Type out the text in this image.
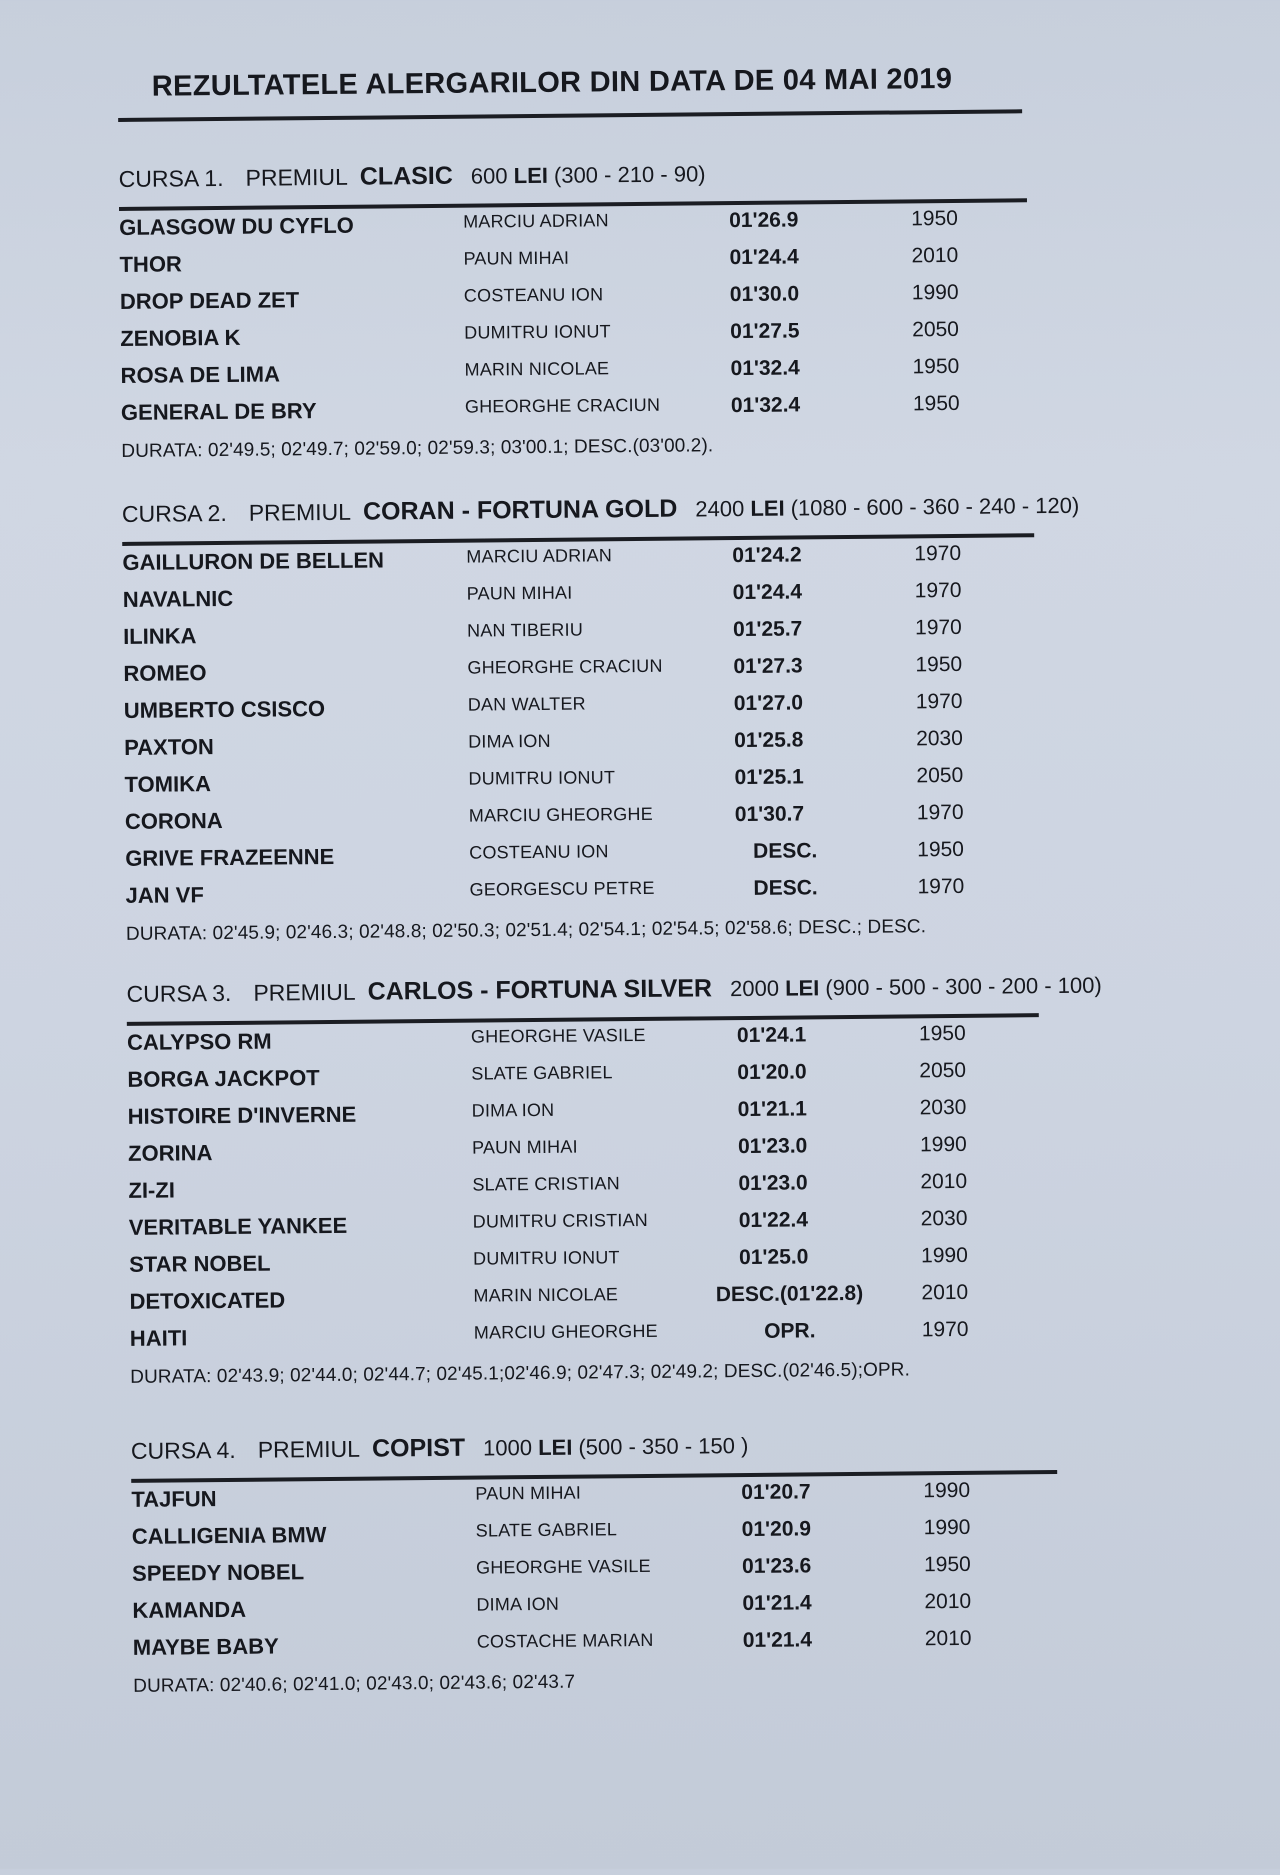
REZULTATELE ALERGARILOR DIN DATA DE 04 MAI 2019
CURSA 1. PREMIUL CLASIC 600 LEI (300 - 210 - 90)
GLASGOW DU CYFLO	MARCIU ADRIAN	01'26.9	1950
THOR	PAUN MIHAI	01'24.4	2010
DROP DEAD ZET	COSTEANU ION	01'30.0	1990
ZENOBIA K	DUMITRU IONUT	01'27.5	2050
ROSA DE LIMA	MARIN NICOLAE	01'32.4	1950
GENERAL DE BRY	GHEORGHE CRACIUN	01'32.4	1950
DURATA: 02'49.5; 02'49.7; 02'59.0; 02'59.3; 03'00.1; DESC.(03'00.2).
CURSA 2. PREMIUL CORAN - FORTUNA GOLD 2400 LEI (1080 - 600 - 360 - 240 - 120)
GAILLURON DE BELLEN	MARCIU ADRIAN	01'24.2	1970
NAVALNIC	PAUN MIHAI	01'24.4	1970
ILINKA	NAN TIBERIU	01'25.7	1970
ROMEO	GHEORGHE CRACIUN	01'27.3	1950
UMBERTO CSISCO	DAN WALTER	01'27.0	1970
PAXTON	DIMA ION	01'25.8	2030
TOMIKA	DUMITRU IONUT	01'25.1	2050
CORONA	MARCIU GHEORGHE	01'30.7	1970
GRIVE FRAZEENNE	COSTEANU ION	DESC.	1950
JAN VF	GEORGESCU PETRE	DESC.	1970
DURATA: 02'45.9; 02'46.3; 02'48.8; 02'50.3; 02'51.4; 02'54.1; 02'54.5; 02'58.6; DESC.; DESC.
CURSA 3. PREMIUL CARLOS - FORTUNA SILVER 2000 LEI (900 - 500 - 300 - 200 - 100)
CALYPSO RM	GHEORGHE VASILE	01'24.1	1950
BORGA JACKPOT	SLATE GABRIEL	01'20.0	2050
HISTOIRE D'INVERNE	DIMA ION	01'21.1	2030
ZORINA	PAUN MIHAI	01'23.0	1990
ZI-ZI	SLATE CRISTIAN	01'23.0	2010
VERITABLE YANKEE	DUMITRU CRISTIAN	01'22.4	2030
STAR NOBEL	DUMITRU IONUT	01'25.0	1990
DETOXICATED	MARIN NICOLAE	DESC.(01'22.8)	2010
HAITI	MARCIU GHEORGHE	OPR.	1970
DURATA: 02'43.9; 02'44.0; 02'44.7; 02'45.1;02'46.9; 02'47.3; 02'49.2; DESC.(02'46.5);OPR.
CURSA 4. PREMIUL COPIST 1000 LEI (500 - 350 - 150 )
TAJFUN	PAUN MIHAI	01'20.7	1990
CALLIGENIA BMW	SLATE GABRIEL	01'20.9	1990
SPEEDY NOBEL	GHEORGHE VASILE	01'23.6	1950
KAMANDA	DIMA ION	01'21.4	2010
MAYBE BABY	COSTACHE MARIAN	01'21.4	2010
DURATA: 02'40.6; 02'41.0; 02'43.0; 02'43.6; 02'43.7
